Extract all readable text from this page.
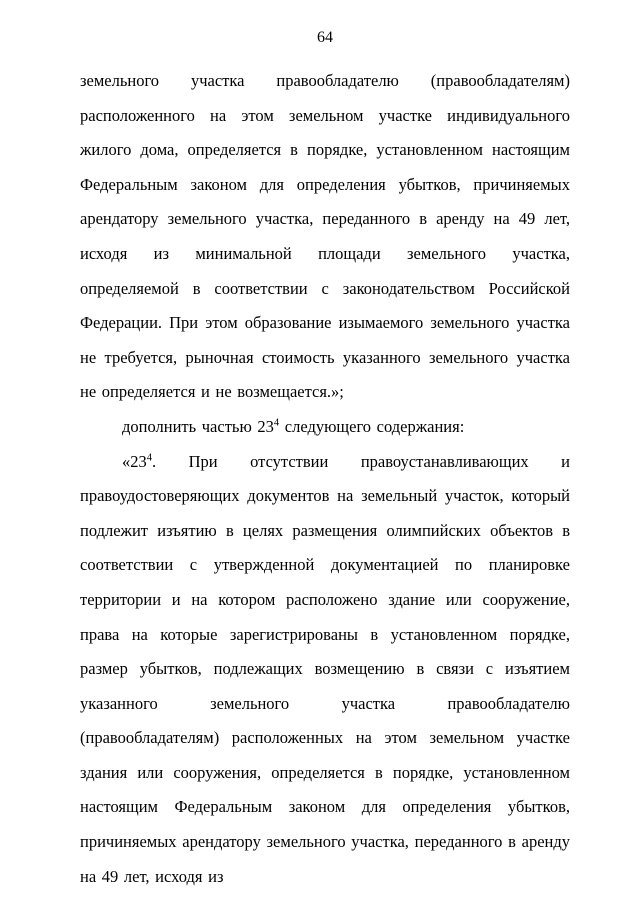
64

земельного участка правообладателю (правообладателям) расположенного на этом земельном участке индивидуального жилого дома, определяется в порядке, установленном настоящим Федеральным законом для определения убытков, причиняемых арендатору земельного участка, переданного в аренду на 49 лет, исходя из минимальной площади земельного участка, определяемой в соответствии с законодательством Российской Федерации. При этом образование изымаемого земельного участка не требуется, рыночная стоимость указанного земельного участка не определяется и не возмещается.»;

дополнить частью $23^4$ следующего содержания:

«$23^4$. При отсутствии правоустанавливающих и правоудостоверяющих документов на земельный участок, который подлежит изъятию в целях размещения олимпийских объектов в соответствии с утвержденной документацией по планировке территории и на котором расположено здание или сооружение, права на которые зарегистрированы в установленном порядке, размер убытков, подлежащих возмещению в связи с изъятием указанного земельного участка правообладателю (правообладателям) расположенных на этом земельном участке здания или сооружения, определяется в порядке, установленном настоящим Федеральным законом для определения убытков, причиняемых арендатору земельного участка, переданного в аренду на 49 лет, исходя из
